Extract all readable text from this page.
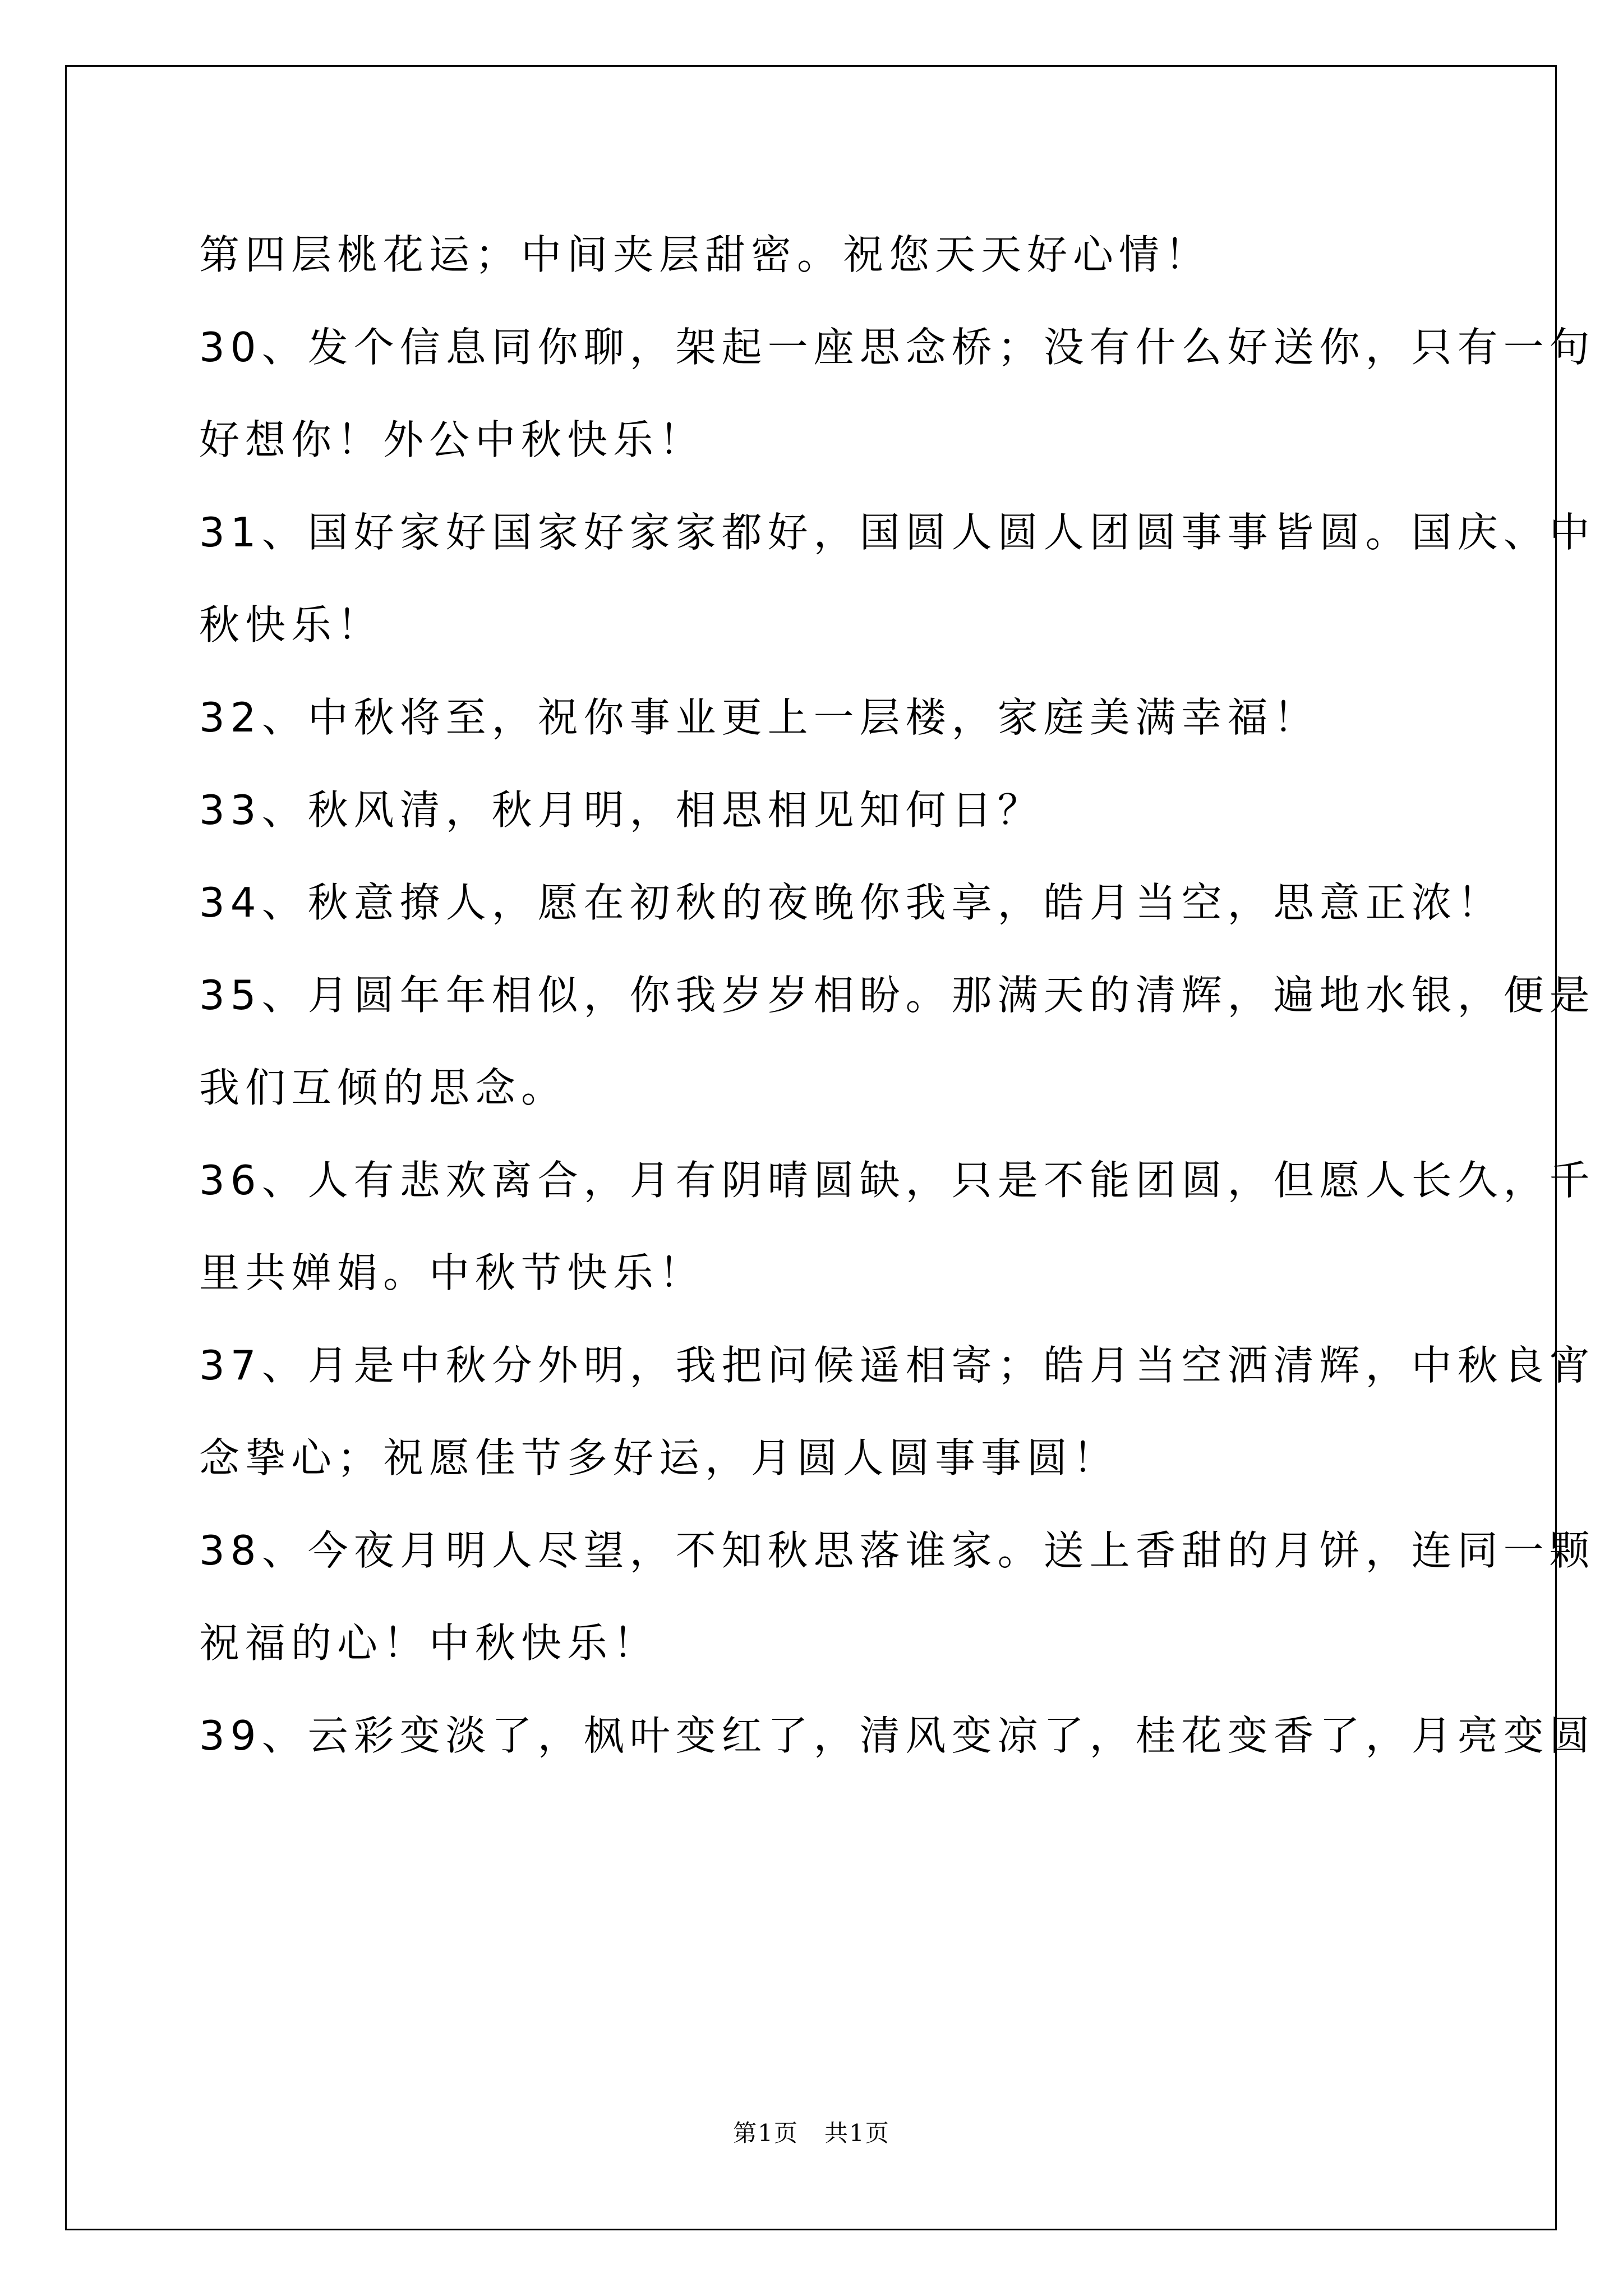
第四层桃花运；中间夹层甜密。祝您天天好心情！
30、发个信息同你聊，架起一座思念桥；没有什么好送你，只有一句
好想你！外公中秋快乐！
31、国好家好国家好家家都好，国圆人圆人团圆事事皆圆。国庆、中
秋快乐！
32、中秋将至，祝你事业更上一层楼，家庭美满幸福！
33、秋风清，秋月明，相思相见知何日？
34、秋意撩人，愿在初秋的夜晚你我享，皓月当空，思意正浓！
35、月圆年年相似，你我岁岁相盼。那满天的清辉，遍地水银，便是
我们互倾的思念。
36、人有悲欢离合，月有阴晴圆缺，只是不能团圆，但愿人长久，千
里共婵娟。中秋节快乐！
37、月是中秋分外明，我把问候遥相寄；皓月当空洒清辉，中秋良宵
念挚心；祝愿佳节多好运，月圆人圆事事圆！
38、今夜月明人尽望，不知秋思落谁家。送上香甜的月饼，连同一颗
祝福的心！中秋快乐！
39、云彩变淡了，枫叶变红了，清风变凉了，桂花变香了，月亮变圆
第1页 共1页
